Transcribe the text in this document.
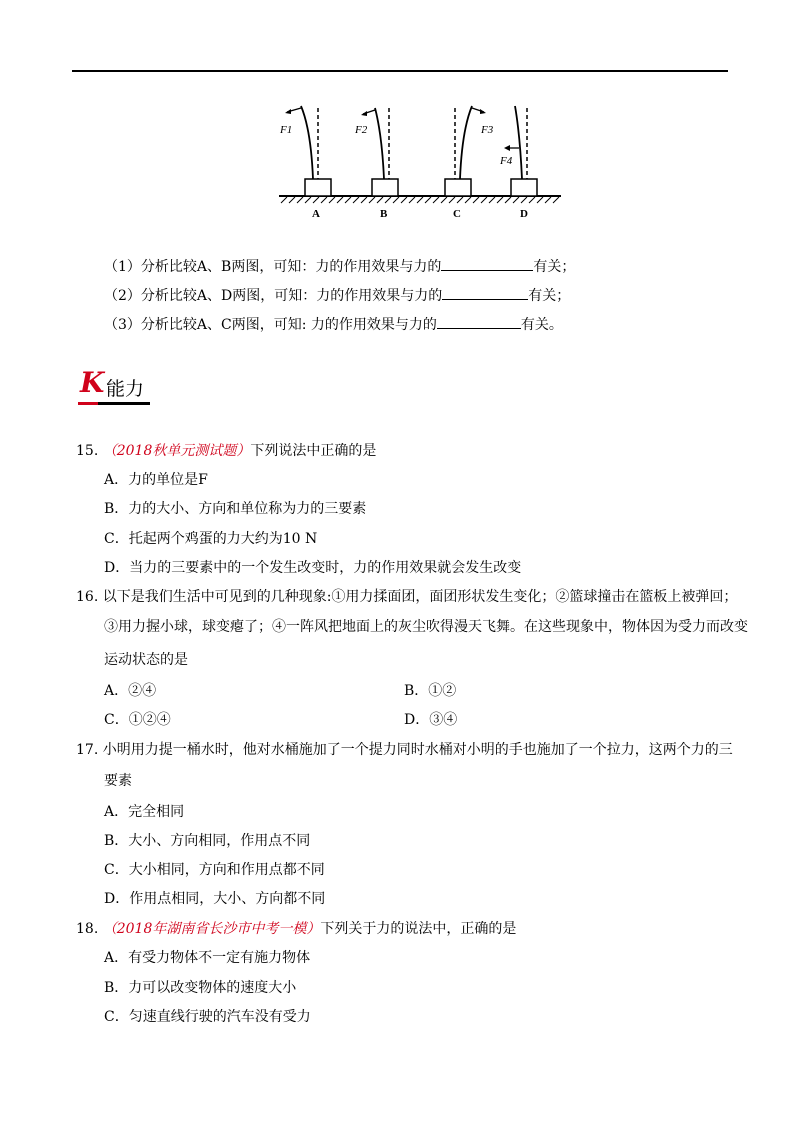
F1
A
F2
B
F3
C
F4
D
（1）分析比较A、B两图，可知：力的作用效果与力的	有关；
（2）分析比较A、D两图，可知：力的作用效果与力的	有关；
（3）分析比较A、C两图，可知: 力的作用效果与力的	有关。
K 能力
15. （2018秋单元测试题）下列说法中正确的是
A．力的单位是F
B．力的大小、方向和单位称为力的三要素
C．托起两个鸡蛋的力大约为10 N
D．当力的三要素中的一个发生改变时，力的作用效果就会发生改变
16. 以下是我们生活中可见到的几种现象:①用力揉面团，面团形状发生变化；②篮球撞击在篮板上被弹回；
③用力握小球，球变瘪了；④一阵风把地面上的灰尘吹得漫天飞舞。在这些现象中，物体因为受力而改变
运动状态的是
A．②④	B．①②
C．①②④	D．③④
17. 小明用力提一桶水时，他对水桶施加了一个提力同时水桶对小明的手也施加了一个拉力，这两个力的三
要素
A．完全相同
B．大小、方向相同，作用点不同
C．大小相同，方向和作用点都不同
D．作用点相同，大小、方向都不同
18. （2018年湖南省长沙市中考一模）下列关于力的说法中，正确的是
A．有受力物体不一定有施力物体
B．力可以改变物体的速度大小
C．匀速直线行驶的汽车没有受力
